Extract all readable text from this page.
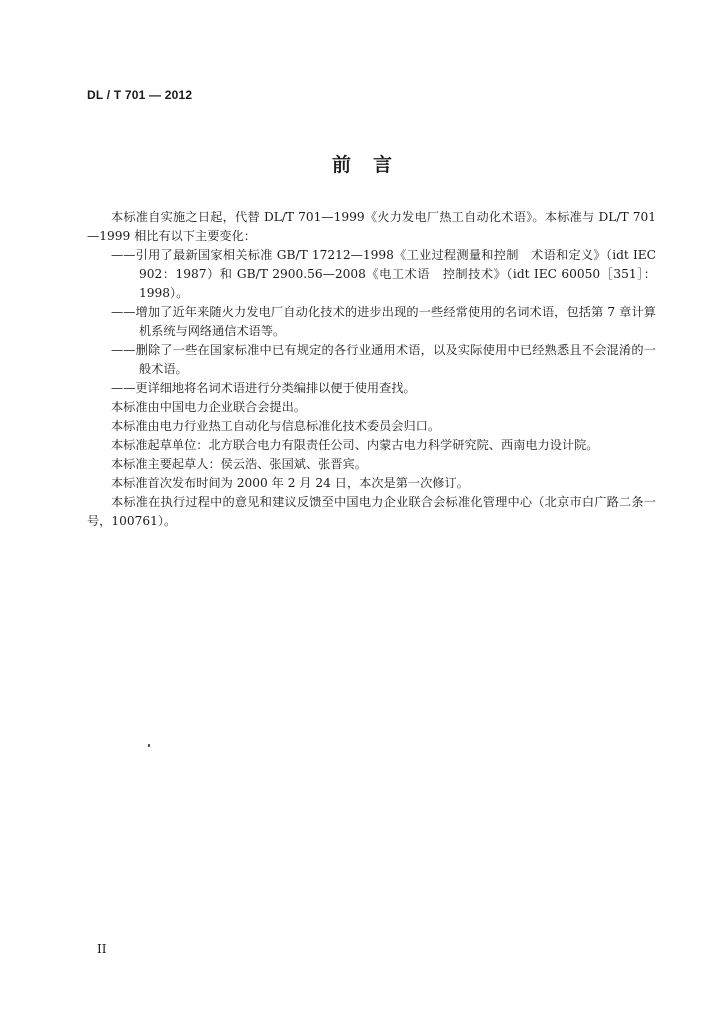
DL / T 701 — 2012
前言

本标准自实施之日起，代替 DL/T 701—1999《火力发电厂热工自动化术语》。本标准与 DL/T 701—1999 相比有以下主要变化：

——引用了最新国家相关标准 GB/T 17212—1998《工业过程测量和控制　术语和定义》（idt IEC 902：1987）和 GB/T 2900.56—2008《电工术语　控制技术》（idt IEC 60050［351］：1998）。

——增加了近年来随火力发电厂自动化技术的进步出现的一些经常使用的名词术语，包括第 7 章计算机系统与网络通信术语等。

——删除了一些在国家标准中已有规定的各行业通用术语，以及实际使用中已经熟悉且不会混淆的一般术语。

——更详细地将名词术语进行分类编排以便于使用查找。

本标准由中国电力企业联合会提出。

本标准由电力行业热工自动化与信息标准化技术委员会归口。

本标准起草单位：北方联合电力有限责任公司、内蒙古电力科学研究院、西南电力设计院。

本标准主要起草人：侯云浩、张国斌、张晋宾。

本标准首次发布时间为 2000 年 2 月 24 日，本次是第一次修订。

本标准在执行过程中的意见和建议反馈至中国电力企业联合会标准化管理中心（北京市白广路二条一号，100761）。

II
